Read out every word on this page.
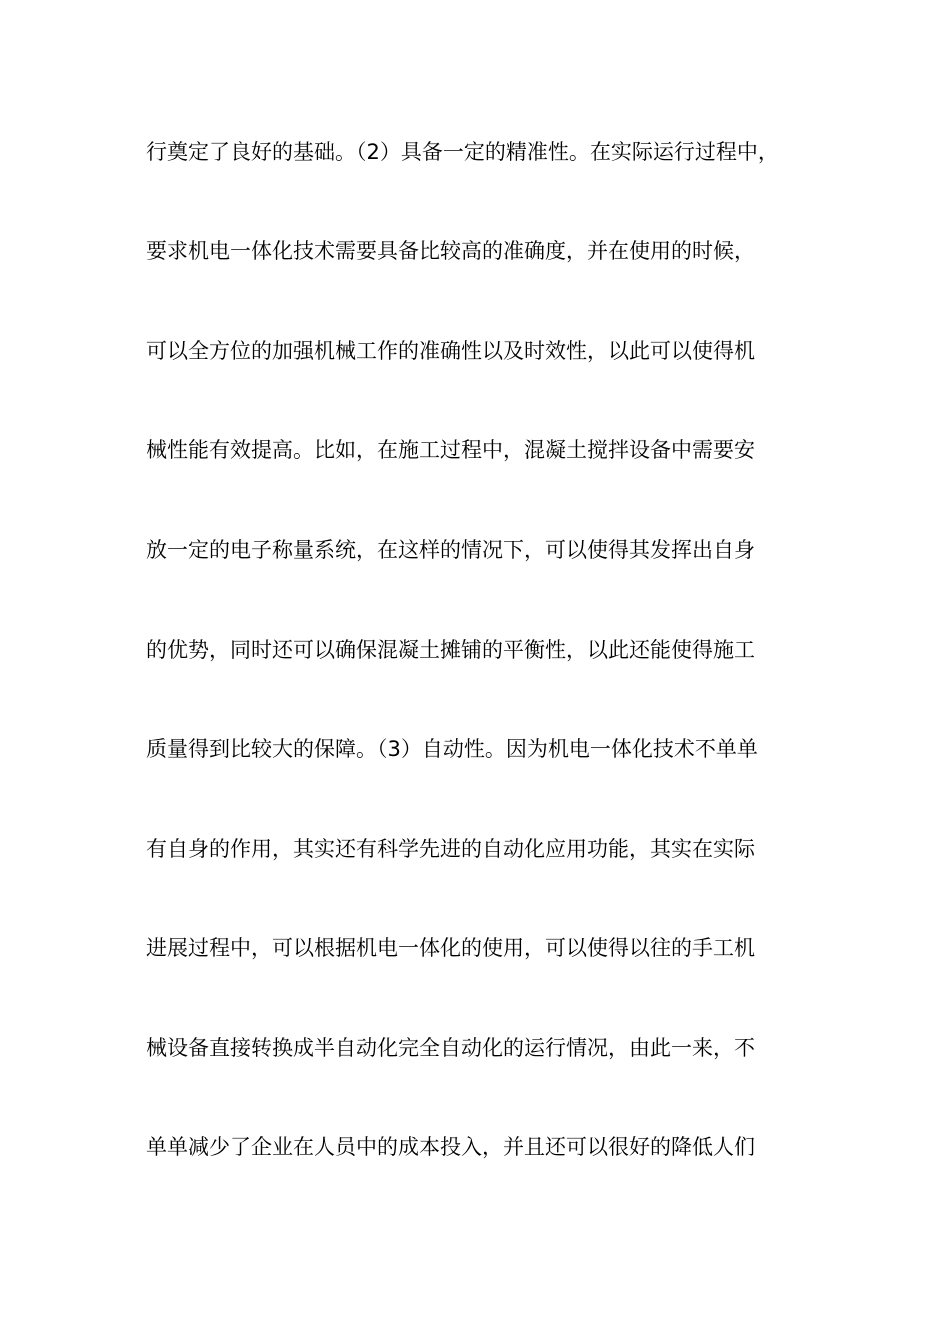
行奠定了良好的基础。（2）具备一定的精准性。在实际运行过程中，
要求机电一体化技术需要具备比较高的准确度，并在使用的时候，
可以全方位的加强机械工作的准确性以及时效性，以此可以使得机
械性能有效提高。比如，在施工过程中，混凝土搅拌设备中需要安
放一定的电子称量系统，在这样的情况下，可以使得其发挥出自身
的优势，同时还可以确保混凝土摊铺的平衡性，以此还能使得施工
质量得到比较大的保障。（3）自动性。因为机电一体化技术不单单
有自身的作用，其实还有科学先进的自动化应用功能，其实在实际
进展过程中，可以根据机电一体化的使用，可以使得以往的手工机
械设备直接转换成半自动化完全自动化的运行情况，由此一来，不
单单减少了企业在人员中的成本投入，并且还可以很好的降低人们
